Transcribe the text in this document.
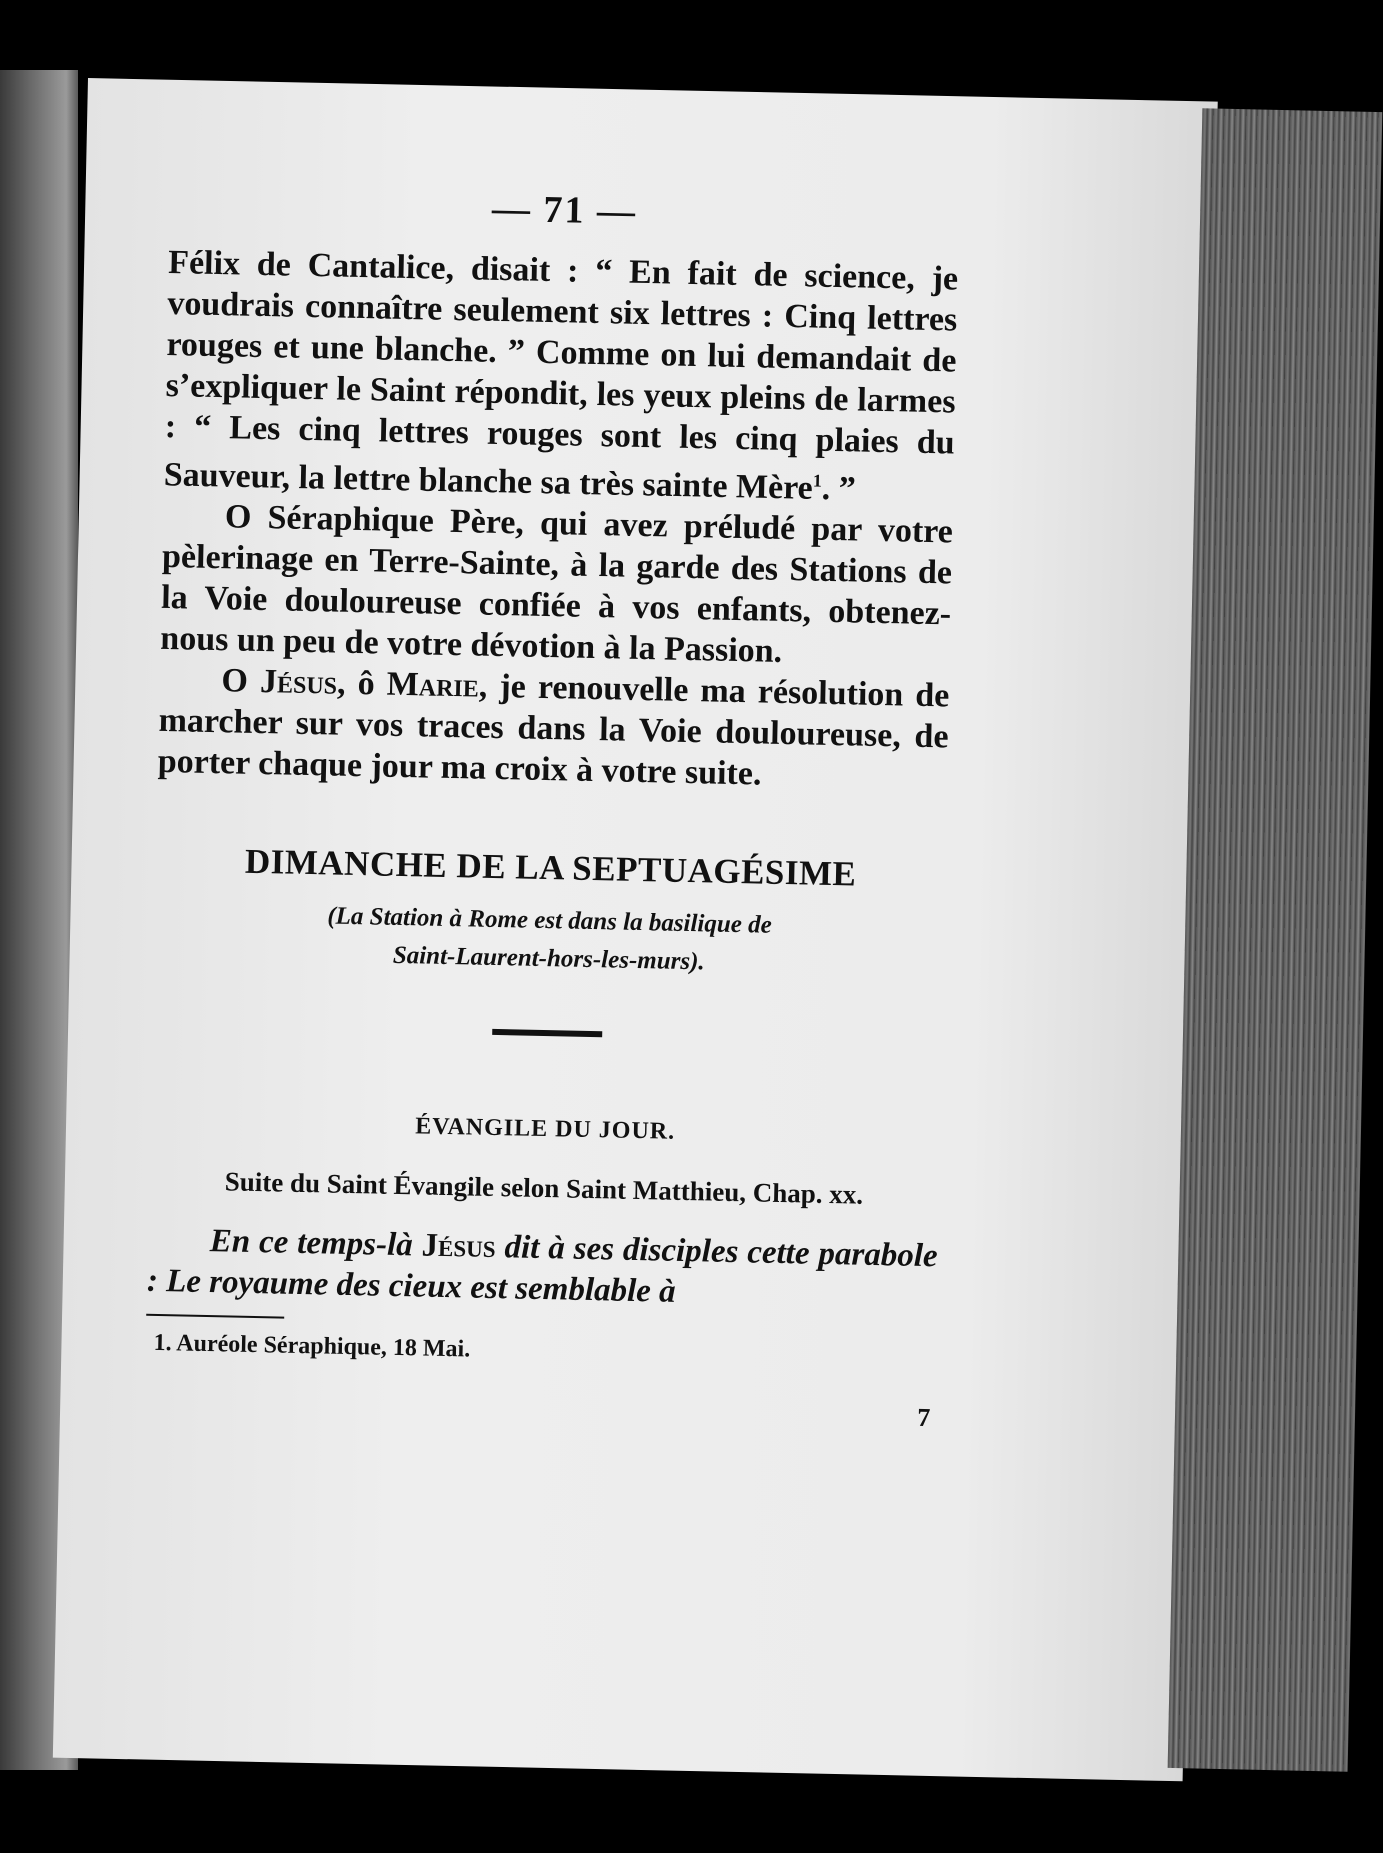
— 71 —

Félix de Cantalice, disait : “ En fait de science, je voudrais connaître seulement six lettres : Cinq lettres rouges et une blanche. ” Comme on lui demandait de s’expliquer le Saint répondit, les yeux pleins de larmes : “ Les cinq lettres rouges sont les cinq plaies du Sauveur, la lettre blanche sa très sainte Mère$^1$. ”

O Séraphique Père, qui avez préludé par votre pèlerinage en Terre-Sainte, à la garde des Stations de la Voie douloureuse confiée à vos enfants, obtenez-nous un peu de votre dévotion à la Passion.

O Jésus, ô Marie, je renouvelle ma résolution de marcher sur vos traces dans la Voie douloureuse, de porter chaque jour ma croix à votre suite.

DIMANCHE DE LA SEPTUAGÉSIME

(La Station à Rome est dans la basilique de

Saint-Laurent-hors-les-murs).

ÉVANGILE DU JOUR.

Suite du Saint Évangile selon Saint Matthieu, Chap. xx.

En ce temps-là Jésus dit à ses disciples cette parabole : Le royaume des cieux est semblable à

1. Auréole Séraphique, 18 Mai.

7
